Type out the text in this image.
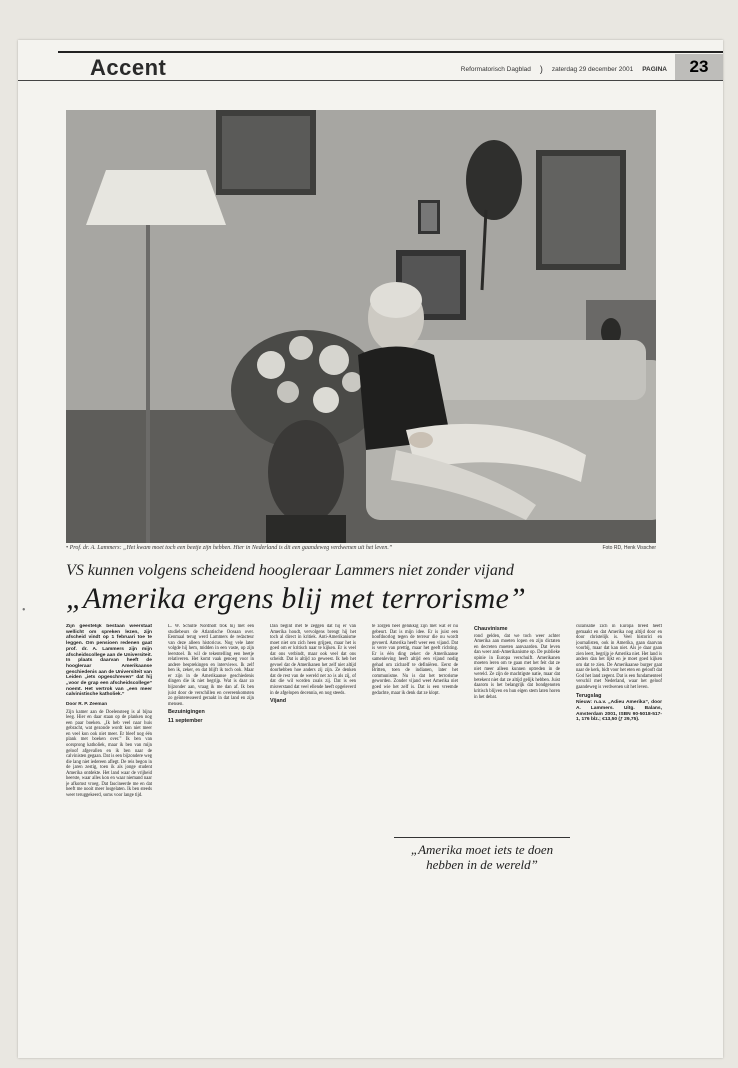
Accent	Reformatorisch Dagblad ) zaterdag 29 december 2001 PAGINA	23
• Prof. dr. A. Lammers: „Het kwam moet toch een beetje zijn hebben. Hier in Nederland is dit een gaandeweg verdwenen uit het leven.”	Foto RD, Henk Visscher
VS kunnen volgens scheidend hoogleraar Lammers niet zonder vijand
„Amerika ergens blij met terrorisme”

Zijn geestelijk bestaan weerstaat wellicht om spreken lezen, zijn afscheid vindt op 1 februari toe te leggen. Om pensioen redenen gaat prof. dr. A. Lammers zijn mijn afscheidscollege aan de Universiteit. In plaats daarvan heeft de hoogleraar Amerikaanse geschiedenis aan de Universiteit van Leiden „iets opgeschreven” dat hij „voor de grap een afscheidscollege” noemt. Het vertrok van „een meer calvinistische katholiek.”

Door R. P. Zeeman

Zijn kamer aan de Doelensteeg is al bijna leeg. Hier en daar staan op de planken nog een paar boeken. „Ik heb veel naar huis gebracht, wat gezonde wordt kon niet meer en veel kon ook niet meer. Er bleef nog één plank met boeken over.” Ik ben van oorsprong katholiek, maar ik ben van mijn geloof afgevallen en ik ben naar de calvinisten gegaan. Dat is een bijzondere weg die lang niet iedereen aflegt. De reis begon in de jaren zestig, toen ik als jonge student Amerika ontdekte. Het land waar de vrijheid heerste, waar alles kon en waar niemand naar je afkomst vroeg. Dat fascineerde me en dat heeft me nooit meer losgelaten. Ik ben steeds weer teruggekeerd, soms voor lange tijd.

L. W. Schulte Nordholt trok hij met een studiebeurs de Atlantische Oceaan over. Eenmaal terug werd Lammers de redacteur van deze alleen historicus. Nog vele later volgde hij hem, midden in een vaste, op zijn leerstoel. Ik wil de tekentelling een beetje relativeren. Het komt vaak genoeg voor in andere besprekingen en interviews. Ik zelf ben ik, zeker, en dat blijft ik toch ook. Maar er zijn in de Amerikaanse geschiedenis dingen die ik niet begrijp. Wat is daar zo bijzonder aan, vraag ik me dan af. Ik ben juist door de verschillen en overeenkomsten zo geïnteresseerd geraakt in dat land en zijn mensen.

Bezuinigingen

11 september

Dan begint met te zeggen dat hij er van Amerika houdt, vervolgens brengt hij het toch al direct in kritiek. Anti-Amerikanisme moet niet om zich heen grijpen, maar het is goed om er kritisch naar te kijken. Er is veel dat ons verbindt, maar ook veel dat ons scheidt. Dat is altijd zo geweest. Ik heb het gevoel dat de Amerikanen het zelf niet altijd doorhebben hoe anders zij zijn. Ze denken dat de rest van de wereld net zo is als zij, of dat die wil worden zoals zij. Dat is een misverstand dat veel ellende heeft opgeleverd in de afgelopen decennia, en nog steeds.

Vijand

te zorgen heel gelukkig zijn met wat er nu gebeurt. Dat is mijn idee. Er is juist een hoofdoorlog tegen de terreur die nu wordt gevoerd. Amerika heeft weer een vijand. Dat is verre van prettig, maar het geeft richting. Er is één ding zeker: de Amerikaanse samenleving heeft altijd een vijand nodig gehad om zichzelf te definiëren. Eerst de Britten, toen de indianen, later het communisme. Nu is dat het terrorisme geworden. Zonder vijand weet Amerika niet goed wie het zelf is. Dat is een vreemde gedachte, maar ik denk dat ze klopt.

Chauvinisme

rond gelden, dat we toch weer achter Amerika aan moeten lopen en zijn dictaten en decreten moeten aanvaarden. Dat leven dan weer anti-Amerikanisme op. De publieke opinie in Europa verschuift. Amerikanen moeten leren om te gaan met het feit dat ze niet meer alleen kunnen optreden in de wereld. Ze zijn de machtigste natie, maar dat betekent niet dat ze altijd gelijk hebben. Juist daarom is het belangrijk dat bondgenoten kritisch blijven en hun eigen stem laten horen in het debat.

cularisatie zich in Europa breed heeft gemaakt en dat Amerika nog altijd door en door christelijk is. Veel historici en journalisten, ook in Amerika, gaan daarvan voorbij, maar dat kan niet. Als je daar gaan zien leert, begrijp je Amerika niet. Het land is anders dan het lijkt en je moet goed kijken om dat te zien. De Amerikaanse burger gaat naar de kerk, bidt voor het eten en gelooft dat God het land zegent. Dat is een fundamenteel verschil met Nederland, waar het geloof gaandeweg is verdwenen uit het leven.

Terugslag

Nieuw: n.a.v. „Adieu Amerika”, door A. Lammers. Uitg. Balans, Amsterdam 2001, ISBN 90-5018-517-1, 176 blz.; €13,50 (ƒ 29,75).

„Amerika moet iets te doen hebben in de wereld”
•
